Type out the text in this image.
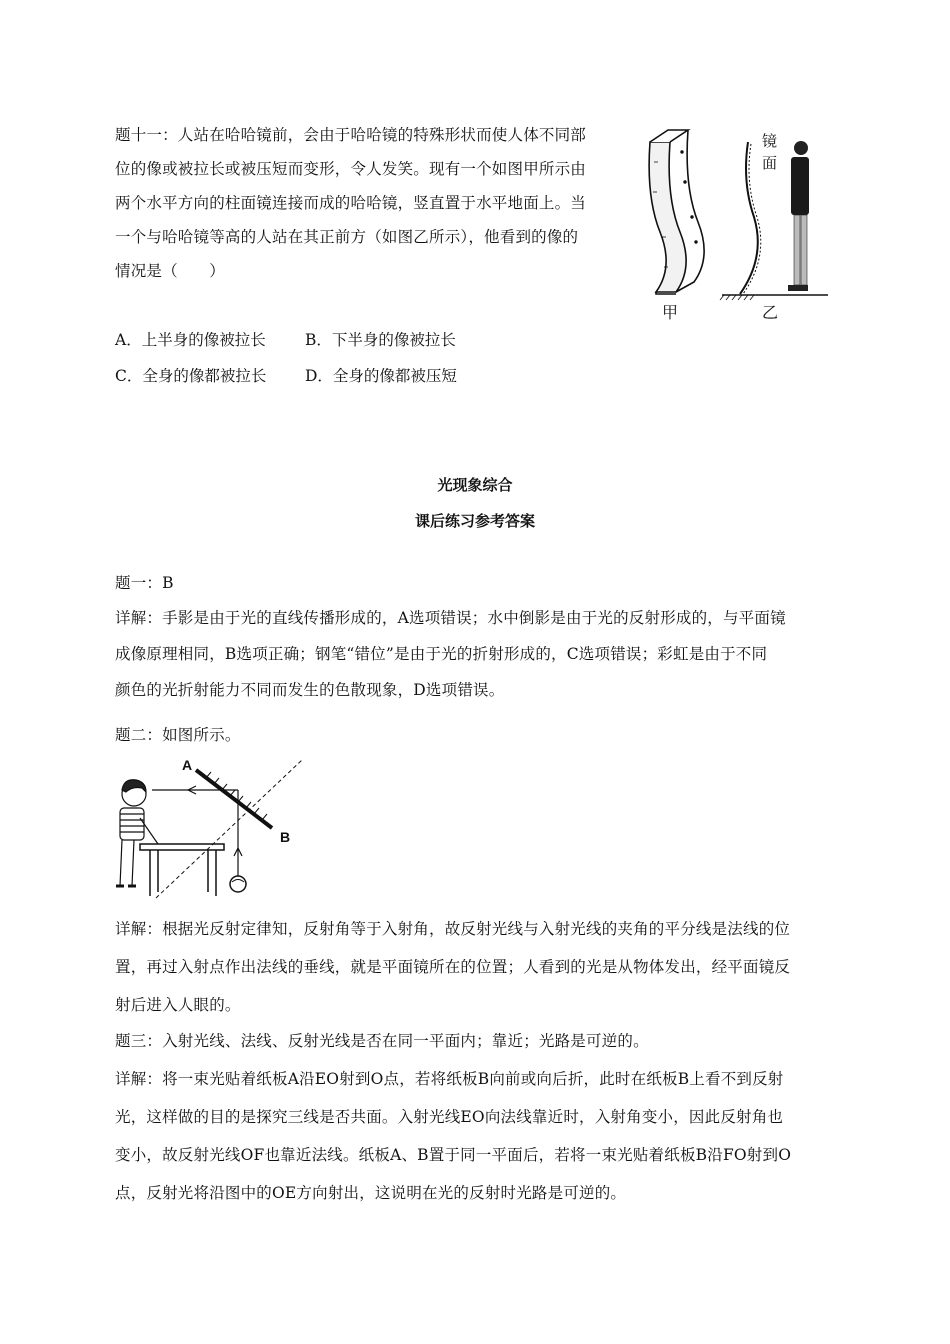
题十一：人站在哈哈镜前，会由于哈哈镜的特殊形状而使人体不同部
位的像或被拉长或被压短而变形，令人发笑。现有一个如图甲所示由
两个水平方向的柱面镜连接而成的哈哈镜，竖直置于水平地面上。当
一个与哈哈镜等高的人站在其正前方（如图乙所示），他看到的像的
情况是（　　）
A．上半身的像被拉长	B．下半身的像被拉长
C．全身的像都被拉长 D．全身的像都被压短
镜
面
甲	乙
光现象综合
课后练习参考答案
题一：B
详解：手影是由于光的直线传播形成的，A选项错误；水中倒影是由于光的反射形成的，与平面镜
成像原理相同，B选项正确；钢笔“错位”是由于光的折射形成的，C选项错误；彩虹是由于不同
颜色的光折射能力不同而发生的色散现象，D选项错误。
题二：如图所示。
A
B
详解：根据光反射定律知，反射角等于入射角，故反射光线与入射光线的夹角的平分线是法线的位
置，再过入射点作出法线的垂线，就是平面镜所在的位置；人看到的光是从物体发出，经平面镜反
射后进入人眼的。
题三：入射光线、法线、反射光线是否在同一平面内；靠近；光路是可逆的。
详解：将一束光贴着纸板A沿EO射到O点，若将纸板B向前或向后折，此时在纸板B上看不到反射
光，这样做的目的是探究三线是否共面。入射光线EO向法线靠近时，入射角变小，因此反射角也
变小，故反射光线OF也靠近法线。纸板A、B置于同一平面后，若将一束光贴着纸板B沿FO射到O
点，反射光将沿图中的OE方向射出，这说明在光的反射时光路是可逆的。
